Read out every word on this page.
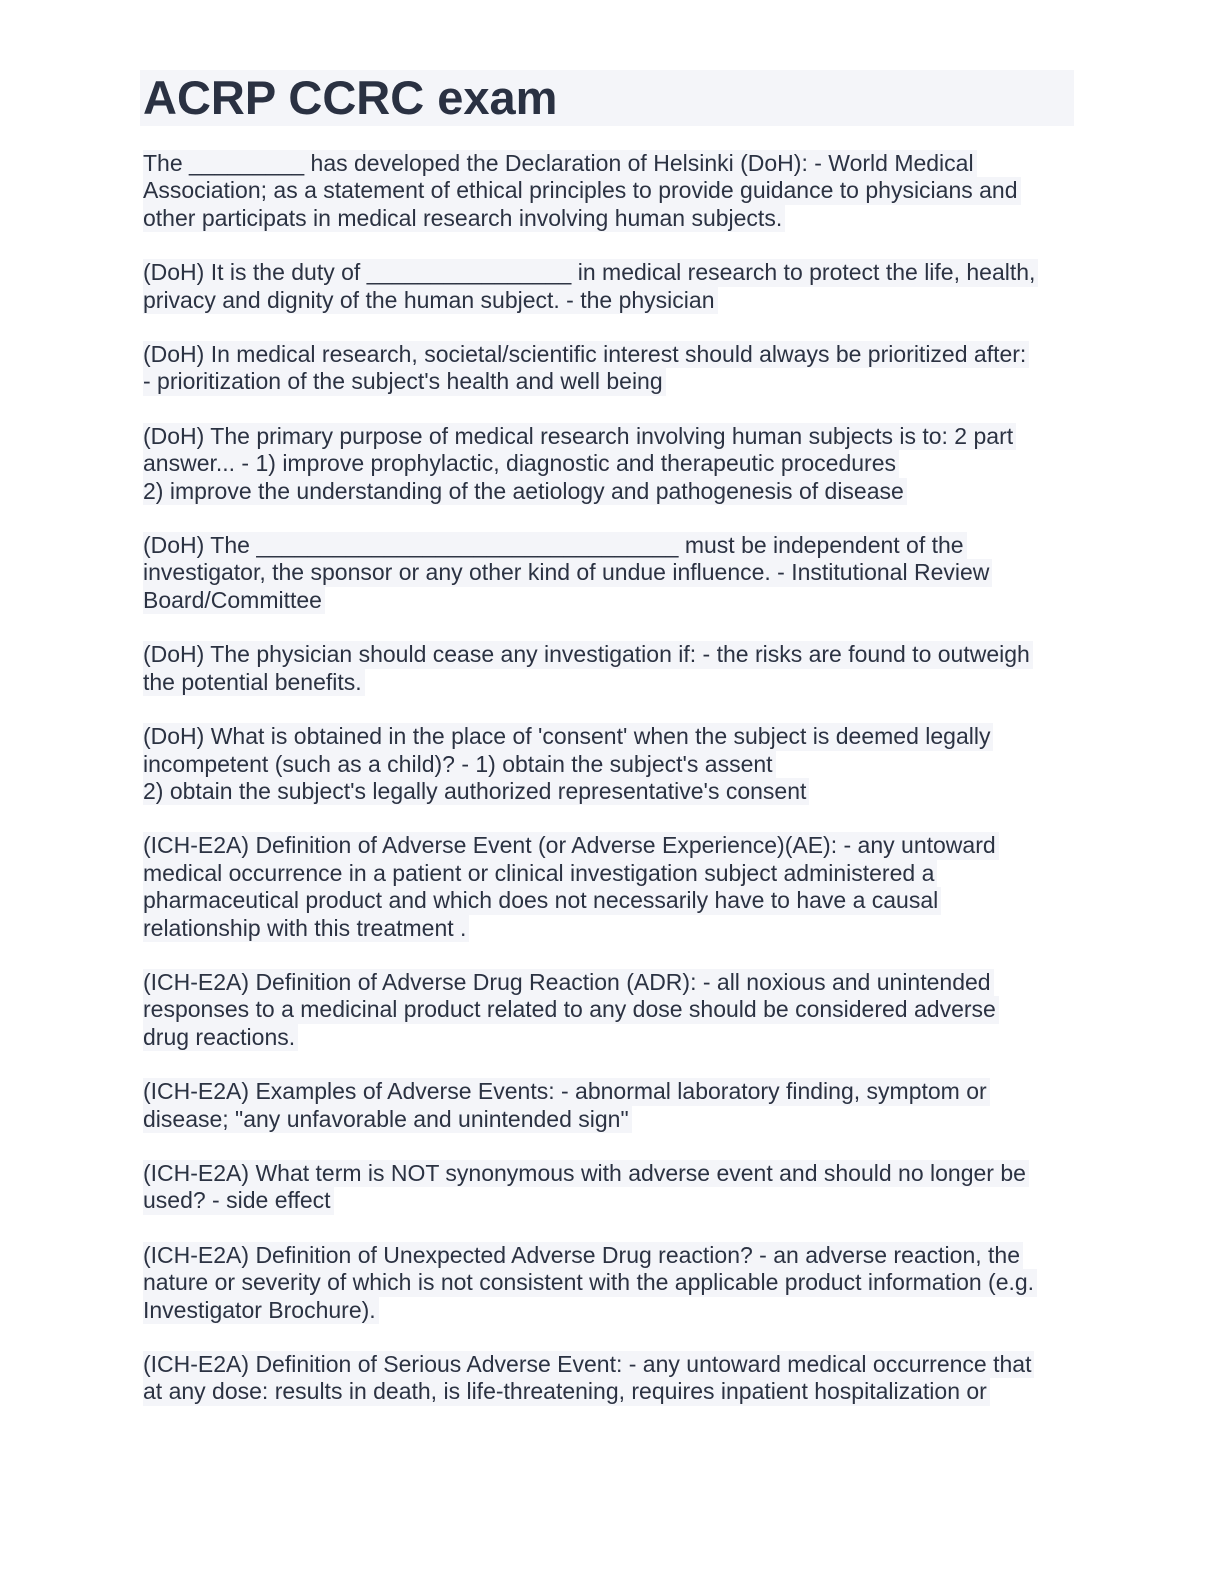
ACRP CCRC exam
The _________ has developed the Declaration of Helsinki (DoH): - World Medical
Association; as a statement of ethical principles to provide guidance to physicians and
other participats in medical research involving human subjects.
(DoH) It is the duty of ________________ in medical research to protect the life, health,
privacy and dignity of the human subject. - the physician
(DoH) In medical research, societal/scientific interest should always be prioritized after:
- prioritization of the subject's health and well being
(DoH) The primary purpose of medical research involving human subjects is to: 2 part
answer... - 1) improve prophylactic, diagnostic and therapeutic procedures
2) improve the understanding of the aetiology and pathogenesis of disease
(DoH) The _________________________________ must be independent of the
investigator, the sponsor or any other kind of undue influence. - Institutional Review
Board/Committee
(DoH) The physician should cease any investigation if: - the risks are found to outweigh
the potential benefits.
(DoH) What is obtained in the place of 'consent' when the subject is deemed legally
incompetent (such as a child)? - 1) obtain the subject's assent
2) obtain the subject's legally authorized representative's consent
(ICH-E2A) Definition of Adverse Event (or Adverse Experience)(AE): - any untoward
medical occurrence in a patient or clinical investigation subject administered a
pharmaceutical product and which does not necessarily have to have a causal
relationship with this treatment .
(ICH-E2A) Definition of Adverse Drug Reaction (ADR): - all noxious and unintended
responses to a medicinal product related to any dose should be considered adverse
drug reactions.
(ICH-E2A) Examples of Adverse Events: - abnormal laboratory finding, symptom or
disease; "any unfavorable and unintended sign"
(ICH-E2A) What term is NOT synonymous with adverse event and should no longer be
used? - side effect
(ICH-E2A) Definition of Unexpected Adverse Drug reaction? - an adverse reaction, the
nature or severity of which is not consistent with the applicable product information (e.g.
Investigator Brochure).
(ICH-E2A) Definition of Serious Adverse Event: - any untoward medical occurrence that
at any dose: results in death, is life-threatening, requires inpatient hospitalization or
